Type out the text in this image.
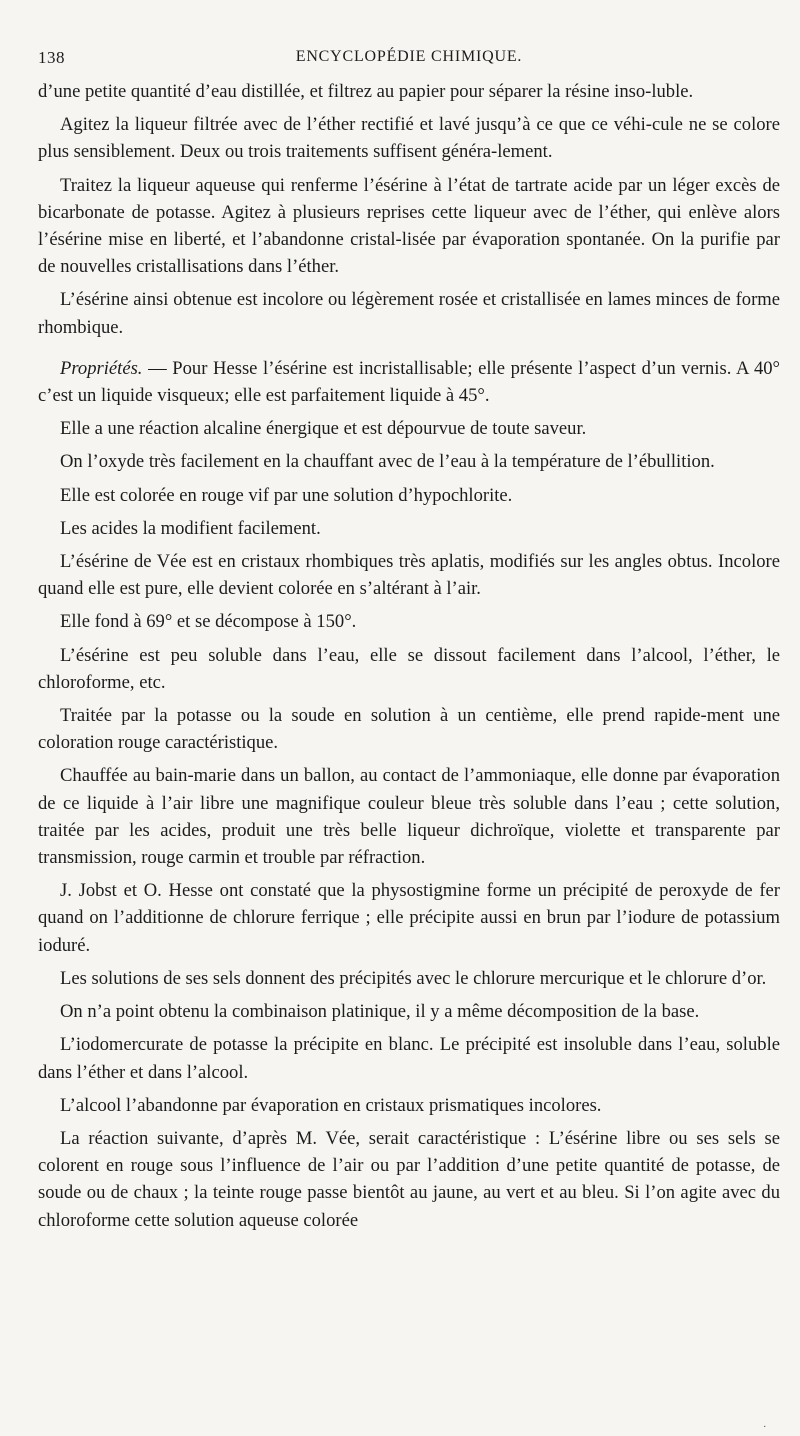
138	ENCYCLOPÉDIE CHIMIQUE.

d’une petite quantité d’eau distillée, et filtrez au papier pour séparer la résine inso-luble.

Agitez la liqueur filtrée avec de l’éther rectifié et lavé jusqu’à ce que ce véhi-cule ne se colore plus sensiblement. Deux ou trois traitements suffisent généra-lement.

Traitez la liqueur aqueuse qui renferme l’ésérine à l’état de tartrate acide par un léger excès de bicarbonate de potasse. Agitez à plusieurs reprises cette liqueur avec de l’éther, qui enlève alors l’ésérine mise en liberté, et l’abandonne cristal-lisée par évaporation spontanée. On la purifie par de nouvelles cristallisations dans l’éther.

L’ésérine ainsi obtenue est incolore ou légèrement rosée et cristallisée en lames minces de forme rhombique.

Propriétés. — Pour Hesse l’ésérine est incristallisable; elle présente l’aspect d’un vernis. A 40° c’est un liquide visqueux; elle est parfaitement liquide à 45°.

Elle a une réaction alcaline énergique et est dépourvue de toute saveur.

On l’oxyde très facilement en la chauffant avec de l’eau à la température de l’ébullition.

Elle est colorée en rouge vif par une solution d’hypochlorite.

Les acides la modifient facilement.

L’ésérine de Vée est en cristaux rhombiques très aplatis, modifiés sur les angles obtus. Incolore quand elle est pure, elle devient colorée en s’altérant à l’air.

Elle fond à 69° et se décompose à 150°.

L’ésérine est peu soluble dans l’eau, elle se dissout facilement dans l’alcool, l’éther, le chloroforme, etc.

Traitée par la potasse ou la soude en solution à un centième, elle prend rapide-ment une coloration rouge caractéristique.

Chauffée au bain-marie dans un ballon, au contact de l’ammoniaque, elle donne par évaporation de ce liquide à l’air libre une magnifique couleur bleue très soluble dans l’eau ; cette solution, traitée par les acides, produit une très belle liqueur dichroïque, violette et transparente par transmission, rouge carmin et trouble par réfraction.

J. Jobst et O. Hesse ont constaté que la physostigmine forme un précipité de peroxyde de fer quand on l’additionne de chlorure ferrique ; elle précipite aussi en brun par l’iodure de potassium ioduré.

Les solutions de ses sels donnent des précipités avec le chlorure mercurique et le chlorure d’or.

On n’a point obtenu la combinaison platinique, il y a même décomposition de la base.

L’iodomercurate de potasse la précipite en blanc. Le précipité est insoluble dans l’eau, soluble dans l’éther et dans l’alcool.

L’alcool l’abandonne par évaporation en cristaux prismatiques incolores.

La réaction suivante, d’après M. Vée, serait caractéristique : L’ésérine libre ou ses sels se colorent en rouge sous l’influence de l’air ou par l’addition d’une petite quantité de potasse, de soude ou de chaux ; la teinte rouge passe bientôt au jaune, au vert et au bleu. Si l’on agite avec du chloroforme cette solution aqueuse colorée

.
